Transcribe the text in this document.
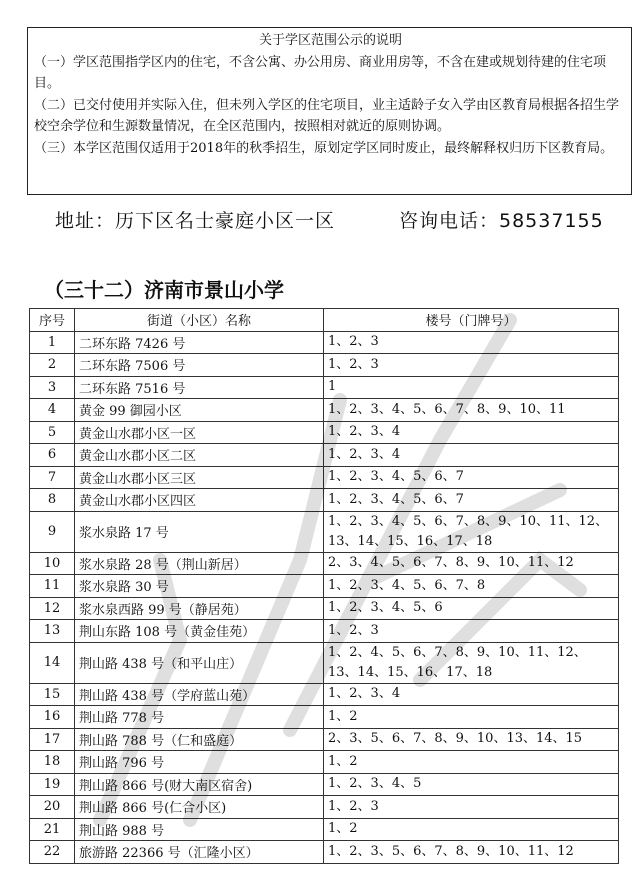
关于学区范围公示的说明

（一）学区范围指学区内的住宅，不含公寓、办公用房、商业用房等，不含在建或规划待建的住宅项目。

（二）已交付使用并实际入住，但未列入学区的住宅项目，业主适龄子女入学由区教育局根据各招生学校空余学位和生源数量情况，在全区范围内，按照相对就近的原则协调。

（三）本学区范围仅适用于2018年的秋季招生，原划定学区同时废止，最终解释权归历下区教育局。

地址：历下区名士豪庭小区一区	咨询电话：58537155
（三十二）济南市景山小学
序号	街道（小区）名称	楼号（门牌号）
1	二环东路 7426 号	1、2、3
2	二环东路 7506 号	1、2、3
3	二环东路 7516 号	1
4	黄金 99 御园小区	1、2、3、4、5、6、7、8、9、10、11
5	黄金山水郡小区一区	1、2、3、4
6	黄金山水郡小区二区	1、2、3、4
7	黄金山水郡小区三区	1、2、3、4、5、6、7
8	黄金山水郡小区四区	1、2、3、4、5、6、7
9	浆水泉路 17 号	1、2、3、4、5、6、7、8、9、10、11、12、13、14、15、16、17、18
10	浆水泉路 28 号（荆山新居）	2、3、4、5、6、7、8、9、10、11、12
11	浆水泉路 30 号	1、2、3、4、5、6、7、8
12	浆水泉西路 99 号（静居苑）	1、2、3、4、5、6
13	荆山东路 108 号（黄金佳苑）	1、2、3
14	荆山路 438 号（和平山庄）	1、2、4、5、6、7、8、9、10、11、12、13、14、15、16、17、18
15	荆山路 438 号（学府蓝山苑）	1、2、3、4
16	荆山路 778 号	1、2
17	荆山路 788 号（仁和盛庭）	2、3、5、6、7、8、9、10、13、14、15
18	荆山路 796 号	1、2
19	荆山路 866 号(财大南区宿舍)	1、2、3、4、5
20	荆山路 866 号(仁合小区)	1、2、3
21	荆山路 988 号	1、2
22	旅游路 22366 号（汇隆小区）	1、2、3、5、6、7、8、9、10、11、12
